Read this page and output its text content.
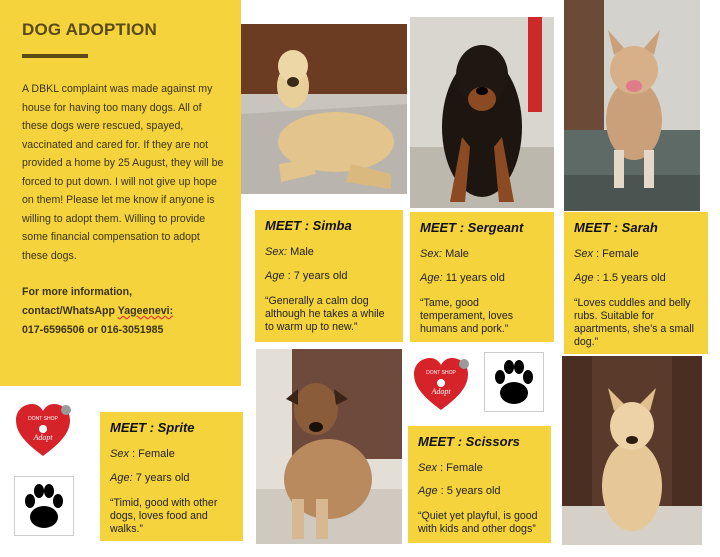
DOG ADOPTION

A DBKL complaint was made against my house for having too many dogs. All of these dogs were rescued, spayed, vaccinated and cared for. If they are not provided a home by 25 August, they will be forced to put down. I will not give up hope on them! Please let me know if anyone is willing to adopt them. Willing to provide some financial compensation to adopt these dogs.

For more information,
contact/WhatsApp Yageenevi:
017-6596506 or 016-3051985

MEET : Simba
Sex: Male
Age : 7 years old
“Generally a calm dog although he takes a while to warm up to new.”
MEET : Sergeant
Sex: Male
Age: 11 years old
“Tame, good temperament, loves humans and pork.”
MEET : Sarah
Sex : Female
Age : 1.5 years old
“Loves cuddles and belly rubs. Suitable for apartments, she’s a small dog.”
MEET : Sprite
Sex : Female
Age: 7 years old
“Timid, good with other dogs, loves food and walks.”
MEET : Scissors
Sex : Female
Age : 5 years old
“Quiet yet playful, is good with kids and other dogs”
DONT SHOP
Adopt
DONT SHOP
Adopt
